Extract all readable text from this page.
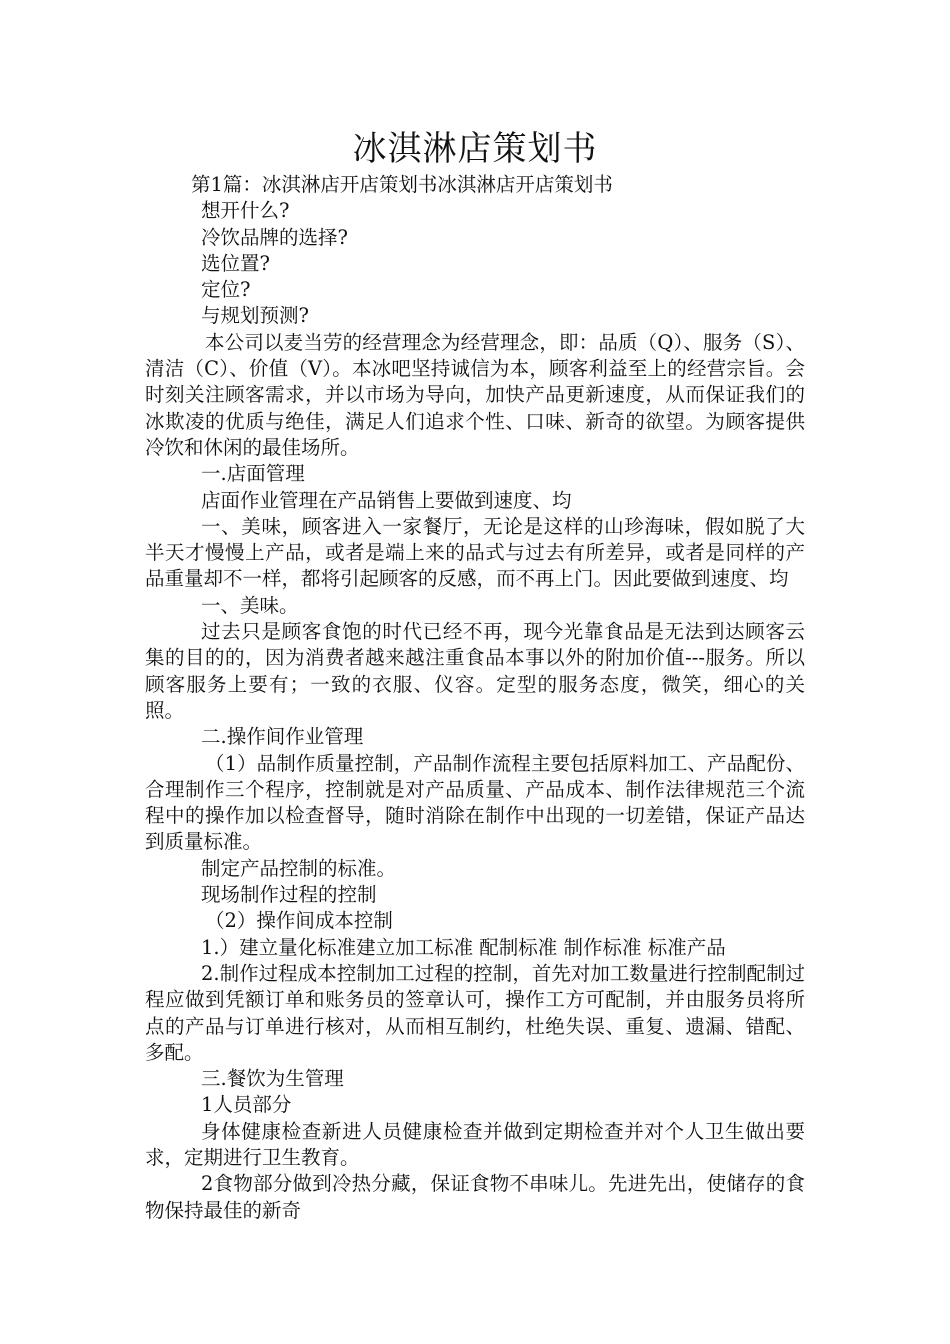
冰淇淋店策划书

第1篇：冰淇淋店开店策划书冰淇淋店开店策划书

想开什么?

冷饮品牌的选择?

选位置?

定位?

与规划预测?

本公司以麦当劳的经营理念为经营理念，即：品质（Q）、服务（S）、清洁（C）、价值（V）。本冰吧坚持诚信为本，顾客利益至上的经营宗旨。会时刻关注顾客需求，并以市场为导向，加快产品更新速度，从而保证我们的冰欺凌的优质与绝佳，满足人们追求个性、口味、新奇的欲望。为顾客提供冷饮和休闲的最佳场所。

一.店面管理

店面作业管理在产品销售上要做到速度、均

一、美味，顾客进入一家餐厅，无论是这样的山珍海味，假如脱了大半天才慢慢上产品，或者是端上来的品式与过去有所差异，或者是同样的产品重量却不一样，都将引起顾客的反感，而不再上门。因此要做到速度、均

一、美味。

过去只是顾客食饱的时代已经不再，现今光靠食品是无法到达顾客云集的目的的，因为消费者越来越注重食品本事以外的附加价值---服务。所以顾客服务上要有；一致的衣服、仪容。定型的服务态度，微笑，细心的关照。

二.操作间作业管理

（1）品制作质量控制，产品制作流程主要包括原料加工、产品配份、合理制作三个程序，控制就是对产品质量、产品成本、制作法律规范三个流程中的操作加以检查督导，随时消除在制作中出现的一切差错，保证产品达到质量标准。

制定产品控制的标准。

现场制作过程的控制

（2）操作间成本控制

1.）建立量化标准建立加工标准 配制标准 制作标准 标准产品

2.制作过程成本控制加工过程的控制，首先对加工数量进行控制配制过程应做到凭额订单和账务员的签章认可，操作工方可配制，并由服务员将所点的产品与订单进行核对，从而相互制约，杜绝失误、重复、遗漏、错配、多配。

三.餐饮为生管理

1人员部分

身体健康检查新进人员健康检查并做到定期检查并对个人卫生做出要求，定期进行卫生教育。

2食物部分做到冷热分藏，保证食物不串味儿。先进先出，使储存的食物保持最佳的新奇
